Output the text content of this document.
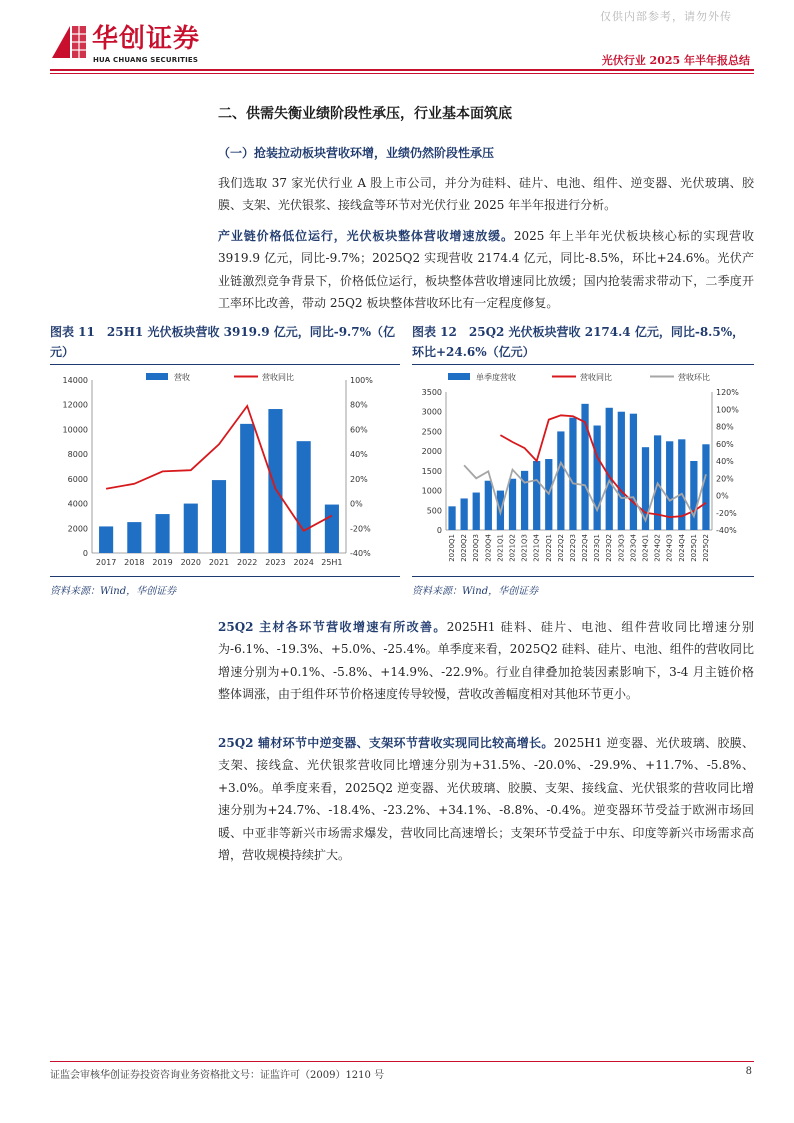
华创证券
HUA CHUANG SECURITIES
仅供内部参考，请勿外传
光伏行业 2025 年半年报总结
二、供需失衡业绩阶段性承压，行业基本面筑底
（一）抢装拉动板块营收环增，业绩仍然阶段性承压
我们选取 37 家光伏行业 A 股上市公司，并分为硅料、硅片、电池、组件、逆变器、光伏玻璃、胶膜、支架、光伏银浆、接线盒等环节对光伏行业 2025 年半年报进行分析。
产业链价格低位运行，光伏板块整体营收增速放缓。2025 年上半年光伏板块核心标的实现营收 3919.9 亿元，同比-9.7%；2025Q2 实现营收 2174.4 亿元，同比-8.5%，环比+24.6%。光伏产业链激烈竞争背景下，价格低位运行，板块整体营收增速同比放缓；国内抢装需求带动下，二季度开工率环比改善，带动 25Q2 板块整体营收环比有一定程度修复。
图表 11　25H1 光伏板块营收 3919.9 亿元，同比-9.7%（亿元）
0
2000
4000
6000
8000
10000
12000
14000
-40%
-20%
0%
20%
40%
60%
80%
100%
2017 2018 2019 2020 2021 2022 2023 2024 25H1
营收	营收同比
资料来源：Wind，华创证券
图表 12　25Q2 光伏板块营收 2174.4 亿元，同比-8.5%，环比+24.6%（亿元）
0
500
1000
1500
2000
2500
3000
3500
-40%
-20%
0%
20%
40%
60%
80%
100%
120%
2020Q1 2020Q2 2020Q3 2020Q4 2021Q1 2021Q2 2021Q3 2021Q4 2022Q1 2022Q2 2022Q3 2022Q4 2023Q1 2023Q2 2023Q3 2023Q4 2024Q1 2024Q2 2024Q3 2024Q4 2025Q1 2025Q2
单季度营收	营收同比	营收环比
资料来源：Wind，华创证券
25Q2 主材各环节营收增速有所改善。2025H1 硅料、硅片、电池、组件营收同比增速分别为-6.1%、-19.3%、+5.0%、-25.4%。单季度来看，2025Q2 硅料、硅片、电池、组件的营收同比增速分别为+0.1%、-5.8%、+14.9%、-22.9%。行业自律叠加抢装因素影响下，3-4 月主链价格整体调涨，由于组件环节价格速度传导较慢，营收改善幅度相对其他环节更小。
25Q2 辅材环节中逆变器、支架环节营收实现同比较高增长。2025H1 逆变器、光伏玻璃、胶膜、支架、接线盒、光伏银浆营收同比增速分别为+31.5%、-20.0%、-29.9%、+11.7%、-5.8%、+3.0%。单季度来看，2025Q2 逆变器、光伏玻璃、胶膜、支架、接线盒、光伏银浆的营收同比增速分别为+24.7%、-18.4%、-23.2%、+34.1%、-8.8%、-0.4%。逆变器环节受益于欧洲市场回暖、中亚非等新兴市场需求爆发，营收同比高速增长；支架环节受益于中东、印度等新兴市场需求高增，营收规模持续扩大。
证监会审核华创证券投资咨询业务资格批文号：证监许可（2009）1210 号	8
